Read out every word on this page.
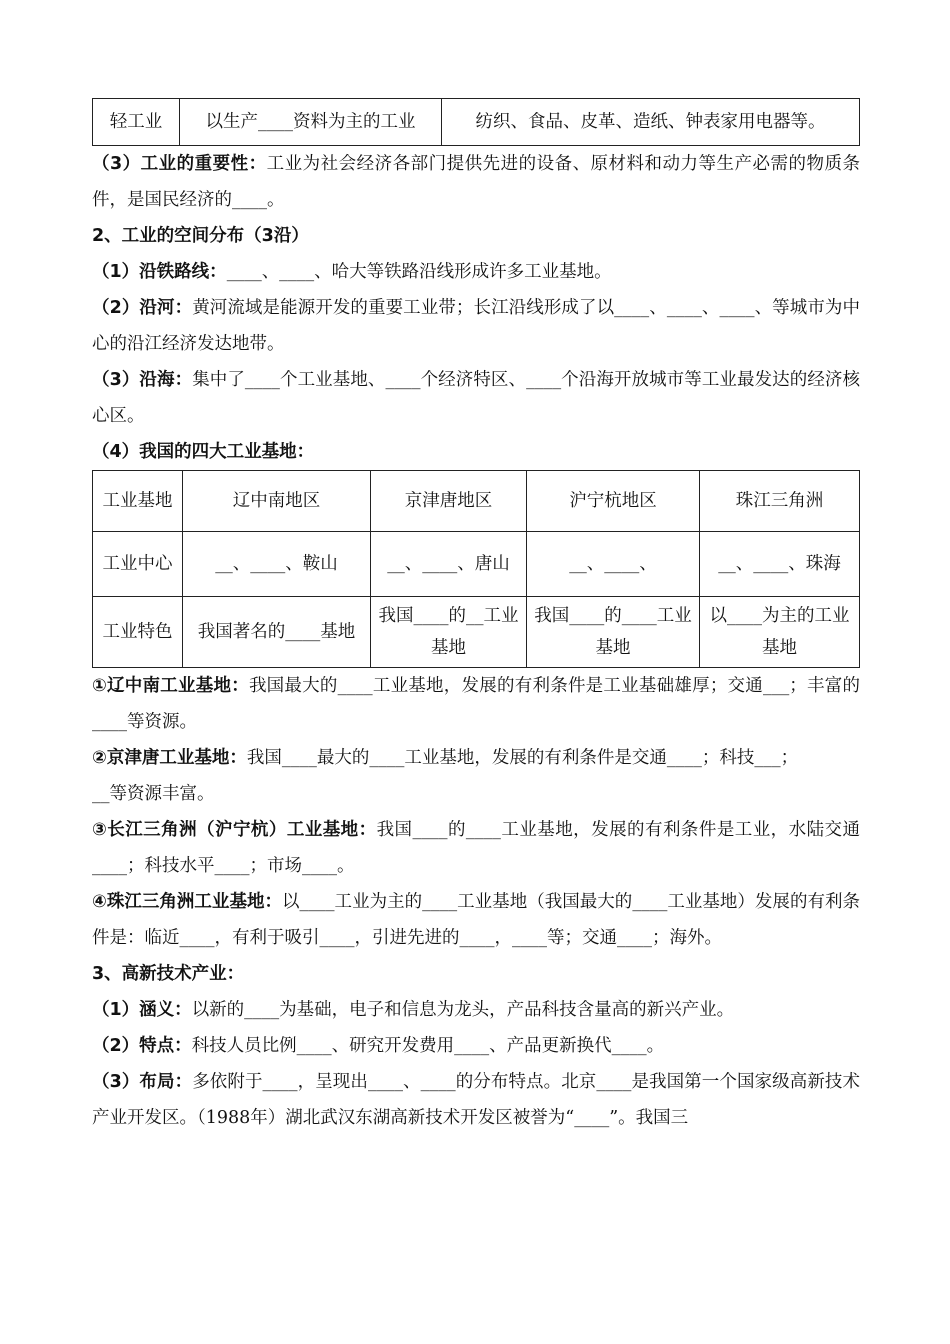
轻工业	以生产____资料为主的工业	纺织、食品、皮革、造纸、钟表家用电器等。

（3）工业的重要性：工业为社会经济各部门提供先进的设备、原材料和动力等生产必需的物质条件，是国民经济的____。

2、工业的空间分布（3沿）

（1）沿铁路线：____、____、哈大等铁路沿线形成许多工业基地。

（2）沿河：黄河流域是能源开发的重要工业带；长江沿线形成了以____、____、____、等城市为中心的沿江经济发达地带。

（3）沿海：集中了____个工业基地、____个经济特区、____个沿海开放城市等工业最发达的经济核心区。

（4）我国的四大工业基地：

工业基地	辽中南地区	京津唐地区	沪宁杭地区	珠江三角洲
工业中心	__、____、鞍山	__、____、唐山	__、____、	__、____、珠海
工业特色	我国著名的____基地	我国____的__工业基地	我国____的____工业基地	以____为主的工业基地

①辽中南工业基地：我国最大的____工业基地，发展的有利条件是工业基础雄厚；交通___；丰富的____等资源。

②京津唐工业基地：我国____最大的____工业基地，发展的有利条件是交通____；科技___；

__等资源丰富。

③长江三角洲（沪宁杭）工业基地：我国____的____工业基地，发展的有利条件是工业，水陆交通____；科技水平____；市场____。

④珠江三角洲工业基地：以____工业为主的____工业基地（我国最大的____工业基地）发展的有利条件是：临近____，有利于吸引____，引进先进的____，____等；交通____；海外。

3、高新技术产业：

（1）涵义：以新的____为基础，电子和信息为龙头，产品科技含量高的新兴产业。

（2）特点：科技人员比例____、研究开发费用____、产品更新换代____。

（3）布局：多依附于____，呈现出____、____的分布特点。北京____是我国第一个国家级高新技术产业开发区。（1988年）湖北武汉东湖高新技术开发区被誉为“____”。我国三
